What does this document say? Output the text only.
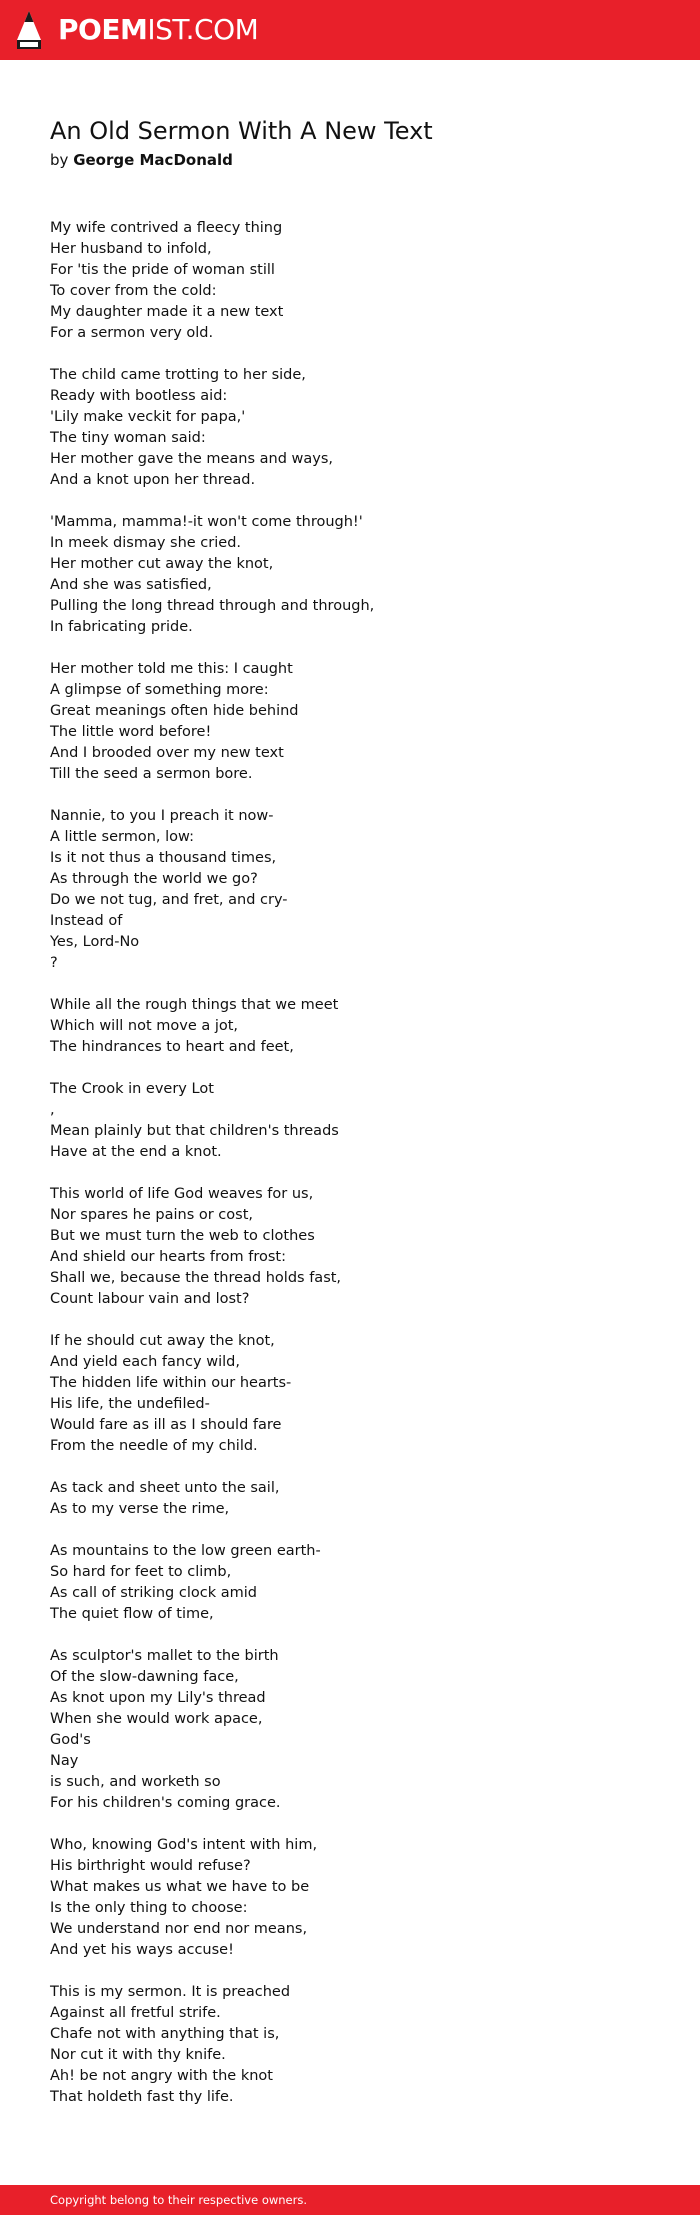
POEMIST.COM
An Old Sermon With A New Text
by George MacDonald
My wife contrived a fleecy thing
Her husband to infold,
For 'tis the pride of woman still
To cover from the cold:
My daughter made it a new text
For a sermon very old.
The child came trotting to her side,
Ready with bootless aid:
'Lily make veckit for papa,'
The tiny woman said:
Her mother gave the means and ways,
And a knot upon her thread.
'Mamma, mamma!-it won't come through!'
In meek dismay she cried.
Her mother cut away the knot,
And she was satisfied,
Pulling the long thread through and through,
In fabricating pride.
Her mother told me this: I caught
A glimpse of something more:
Great meanings often hide behind
The little word before!
And I brooded over my new text
Till the seed a sermon bore.
Nannie, to you I preach it now-
A little sermon, low:
Is it not thus a thousand times,
As through the world we go?
Do we not tug, and fret, and cry-
Instead of
Yes, Lord-No
?
While all the rough things that we meet
Which will not move a jot,
The hindrances to heart and feet,
The Crook in every Lot
,
Mean plainly but that children's threads
Have at the end a knot.
This world of life God weaves for us,
Nor spares he pains or cost,
But we must turn the web to clothes
And shield our hearts from frost:
Shall we, because the thread holds fast,
Count labour vain and lost?
If he should cut away the knot,
And yield each fancy wild,
The hidden life within our hearts-
His life, the undefiled-
Would fare as ill as I should fare
From the needle of my child.
As tack and sheet unto the sail,
As to my verse the rime,
As mountains to the low green earth-
So hard for feet to climb,
As call of striking clock amid
The quiet flow of time,
As sculptor's mallet to the birth
Of the slow-dawning face,
As knot upon my Lily's thread
When she would work apace,
God's
Nay
is such, and worketh so
For his children's coming grace.
Who, knowing God's intent with him,
His birthright would refuse?
What makes us what we have to be
Is the only thing to choose:
We understand nor end nor means,
And yet his ways accuse!
This is my sermon. It is preached
Against all fretful strife.
Chafe not with anything that is,
Nor cut it with thy knife.
Ah! be not angry with the knot
That holdeth fast thy life.
Copyright belong to their respective owners.
